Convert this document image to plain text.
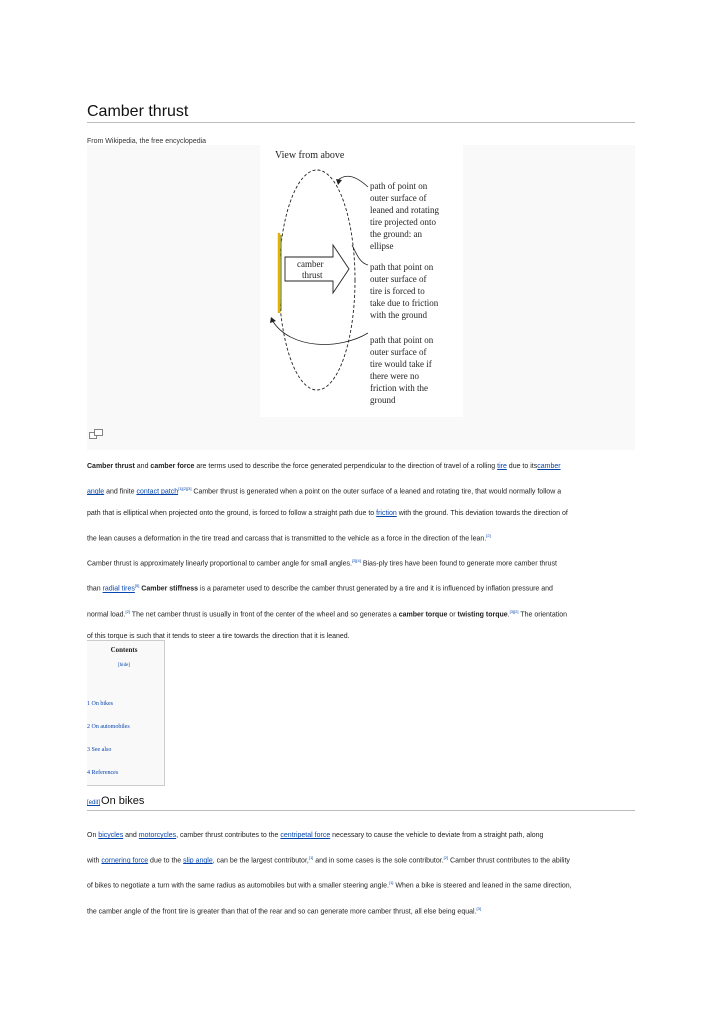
Camber thrust
From Wikipedia, the free encyclopedia
View from above
camber
thrust
path of point on
outer surface of
leaned and rotating
tire projected onto
the ground: an
ellipse
path that point on
outer surface of
tire is forced to
take due to friction
with the ground
path that point on
outer surface of
tire would take if
there were no
friction with the
ground

Camber thrust and camber force are terms used to describe the force generated perpendicular to the direction of travel of a rolling tire due to itscamber
angle and finite contact patch[1][2][3] Camber thrust is generated when a point on the outer surface of a leaned and rotating tire, that would normally follow a
path that is elliptical when projected onto the ground, is forced to follow a straight path due to friction with the ground. This deviation towards the direction of
the lean causes a deformation in the tire tread and carcass that is transmitted to the vehicle as a force in the direction of the lean.[2]

Camber thrust is approximately linearly proportional to camber angle for small angles.[2][4] Bias-ply tires have been found to generate more camber thrust
than radial tires[5] Camber stiffness is a parameter used to describe the camber thrust generated by a tire and it is influenced by inflation pressure and
normal load.[2] The net camber thrust is usually in front of the center of the wheel and so generates a camber torque or twisting torque.[3][2] The orientation
of this torque is such that it tends to steer a tire towards the direction that it is leaned.

Contents
[hide]
1 On bikes
2 On automobiles
3 See also
4 References
[edit]On bikes

On bicycles and motorcycles, camber thrust contributes to the centripetal force necessary to cause the vehicle to deviate from a straight path, along
with cornering force due to the slip angle, can be the largest contributor,[1] and in some cases is the sole contributor.[2] Camber thrust contributes to the ability
of bikes to negotiate a turn with the same radius as automobiles but with a smaller steering angle.[1] When a bike is steered and leaned in the same direction,
the camber angle of the front tire is greater than that of the rear and so can generate more camber thrust, all else being equal.[3]
